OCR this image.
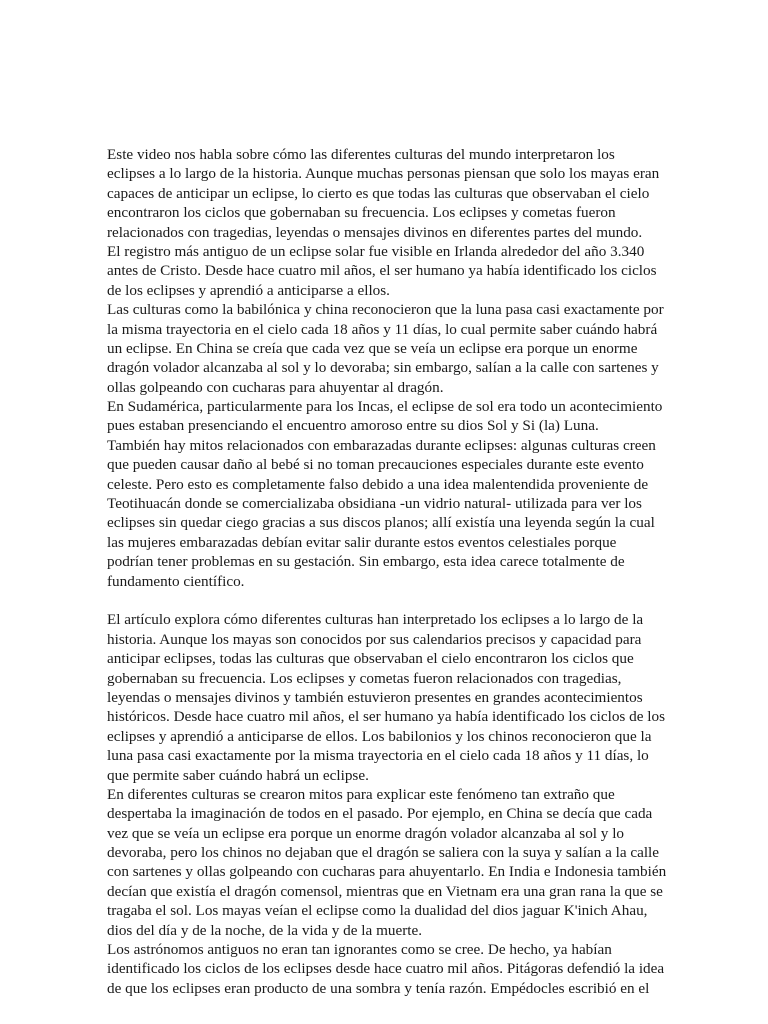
Este video nos habla sobre cómo las diferentes culturas del mundo interpretaron los
eclipses a lo largo de la historia. Aunque muchas personas piensan que solo los mayas eran
capaces de anticipar un eclipse, lo cierto es que todas las culturas que observaban el cielo
encontraron los ciclos que gobernaban su frecuencia. Los eclipses y cometas fueron
relacionados con tragedias, leyendas o mensajes divinos en diferentes partes del mundo.
El registro más antiguo de un eclipse solar fue visible en Irlanda alrededor del año 3.340
antes de Cristo. Desde hace cuatro mil años, el ser humano ya había identificado los ciclos
de los eclipses y aprendió a anticiparse a ellos.
Las culturas como la babilónica y china reconocieron que la luna pasa casi exactamente por
la misma trayectoria en el cielo cada 18 años y 11 días, lo cual permite saber cuándo habrá
un eclipse. En China se creía que cada vez que se veía un eclipse era porque un enorme
dragón volador alcanzaba al sol y lo devoraba; sin embargo, salían a la calle con sartenes y
ollas golpeando con cucharas para ahuyentar al dragón.
En Sudamérica, particularmente para los Incas, el eclipse de sol era todo un acontecimiento
pues estaban presenciando el encuentro amoroso entre su dios Sol y Si (la) Luna.
También hay mitos relacionados con embarazadas durante eclipses: algunas culturas creen
que pueden causar daño al bebé si no toman precauciones especiales durante este evento
celeste. Pero esto es completamente falso debido a una idea malentendida proveniente de
Teotihuacán donde se comercializaba obsidiana -un vidrio natural- utilizada para ver los
eclipses sin quedar ciego gracias a sus discos planos; allí existía una leyenda según la cual
las mujeres embarazadas debían evitar salir durante estos eventos celestiales porque
podrían tener problemas en su gestación. Sin embargo, esta idea carece totalmente de
fundamento científico.
El artículo explora cómo diferentes culturas han interpretado los eclipses a lo largo de la
historia. Aunque los mayas son conocidos por sus calendarios precisos y capacidad para
anticipar eclipses, todas las culturas que observaban el cielo encontraron los ciclos que
gobernaban su frecuencia. Los eclipses y cometas fueron relacionados con tragedias,
leyendas o mensajes divinos y también estuvieron presentes en grandes acontecimientos
históricos. Desde hace cuatro mil años, el ser humano ya había identificado los ciclos de los
eclipses y aprendió a anticiparse de ellos. Los babilonios y los chinos reconocieron que la
luna pasa casi exactamente por la misma trayectoria en el cielo cada 18 años y 11 días, lo
que permite saber cuándo habrá un eclipse.
En diferentes culturas se crearon mitos para explicar este fenómeno tan extraño que
despertaba la imaginación de todos en el pasado. Por ejemplo, en China se decía que cada
vez que se veía un eclipse era porque un enorme dragón volador alcanzaba al sol y lo
devoraba, pero los chinos no dejaban que el dragón se saliera con la suya y salían a la calle
con sartenes y ollas golpeando con cucharas para ahuyentarlo. En India e Indonesia también
decían que existía el dragón comensol, mientras que en Vietnam era una gran rana la que se
tragaba el sol. Los mayas veían el eclipse como la dualidad del dios jaguar K'inich Ahau,
dios del día y de la noche, de la vida y de la muerte.
Los astrónomos antiguos no eran tan ignorantes como se cree. De hecho, ya habían
identificado los ciclos de los eclipses desde hace cuatro mil años. Pitágoras defendió la idea
de que los eclipses eran producto de una sombra y tenía razón. Empédocles escribió en el
